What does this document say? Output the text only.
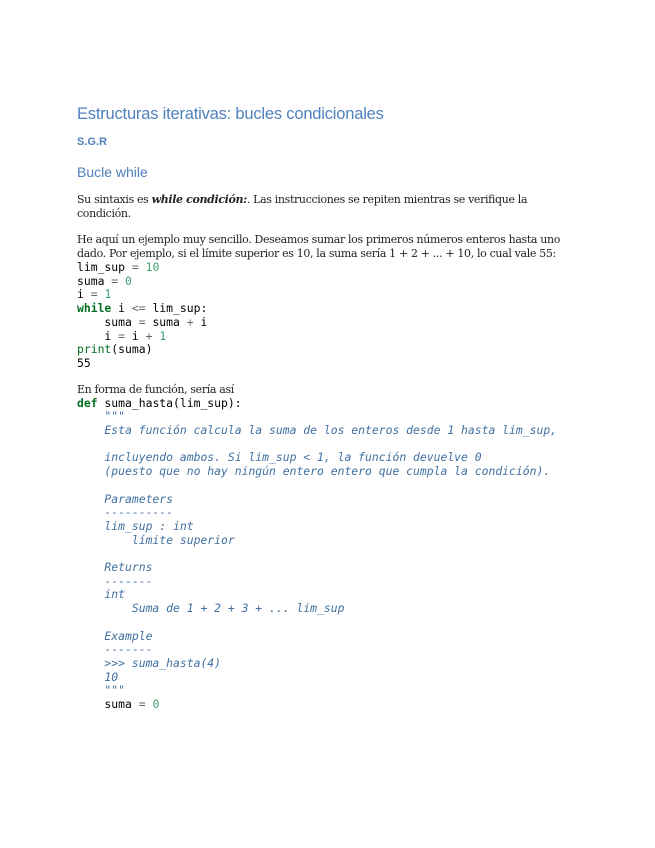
Estructuras iterativas: bucles condicionales
S.G.R
Bucle while

Su sintaxis es while condición:. Las instrucciones se repiten mientras se verifique la condición.

He aquí un ejemplo muy sencillo. Deseamos sumar los primeros números enteros hasta uno dado. Por ejemplo, si el límite superior es 10, la suma sería 1 + 2 + ... + 10, lo cual vale 55:

lim_sup = 10
suma = 0
i = 1
while i <= lim_sup:
suma = suma + i
i = i + 1
print(suma)
55

En forma de función, sería así

def suma_hasta(lim_sup):
"""
Esta función calcula la suma de los enteros desde 1 hasta lim_sup,

incluyendo ambos. Si lim_sup < 1, la función devuelve 0
(puesto que no hay ningún entero entero que cumpla la condición).

Parameters
----------
lim_sup : int
límite superior

Returns
-------
int
Suma de 1 + 2 + 3 + ... lim_sup

Example
-------
>>> suma_hasta(4)
10
"""
suma = 0
